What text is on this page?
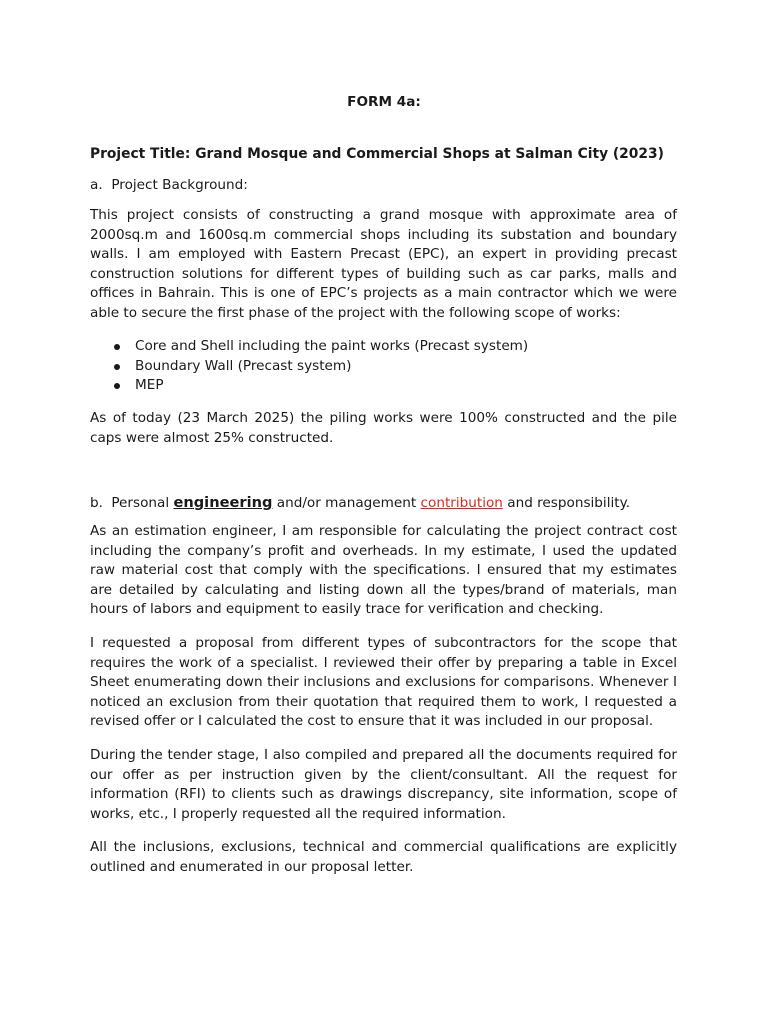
FORM 4a:
Project Title: Grand Mosque and Commercial Shops at Salman City (2023)
a. Project Background:

This project consists of constructing a grand mosque with approximate area of 2000sq.m and 1600sq.m commercial shops including its substation and boundary walls. I am employed with Eastern Precast (EPC), an expert in providing precast construction solutions for different types of building such as car parks, malls and offices in Bahrain. This is one of EPC’s projects as a main contractor which we were able to secure the first phase of the project with the following scope of works:

Core and Shell including the paint works (Precast system)
Boundary Wall (Precast system)
MEP

As of today (23 March 2025) the piling works were 100% constructed and the pile caps were almost 25% constructed.

b. Personal engineering and/or management contribution and responsibility.

As an estimation engineer, I am responsible for calculating the project contract cost including the company’s profit and overheads. In my estimate, I used the updated raw material cost that comply with the specifications. I ensured that my estimates are detailed by calculating and listing down all the types/brand of materials, man hours of labors and equipment to easily trace for verification and checking.

I requested a proposal from different types of subcontractors for the scope that requires the work of a specialist. I reviewed their offer by preparing a table in Excel Sheet enumerating down their inclusions and exclusions for comparisons. Whenever I noticed an exclusion from their quotation that required them to work, I requested a revised offer or I calculated the cost to ensure that it was included in our proposal.

During the tender stage, I also compiled and prepared all the documents required for our offer as per instruction given by the client/consultant. All the request for information (RFI) to clients such as drawings discrepancy, site information, scope of works, etc., I properly requested all the required information.

All the inclusions, exclusions, technical and commercial qualifications are explicitly outlined and enumerated in our proposal letter.
